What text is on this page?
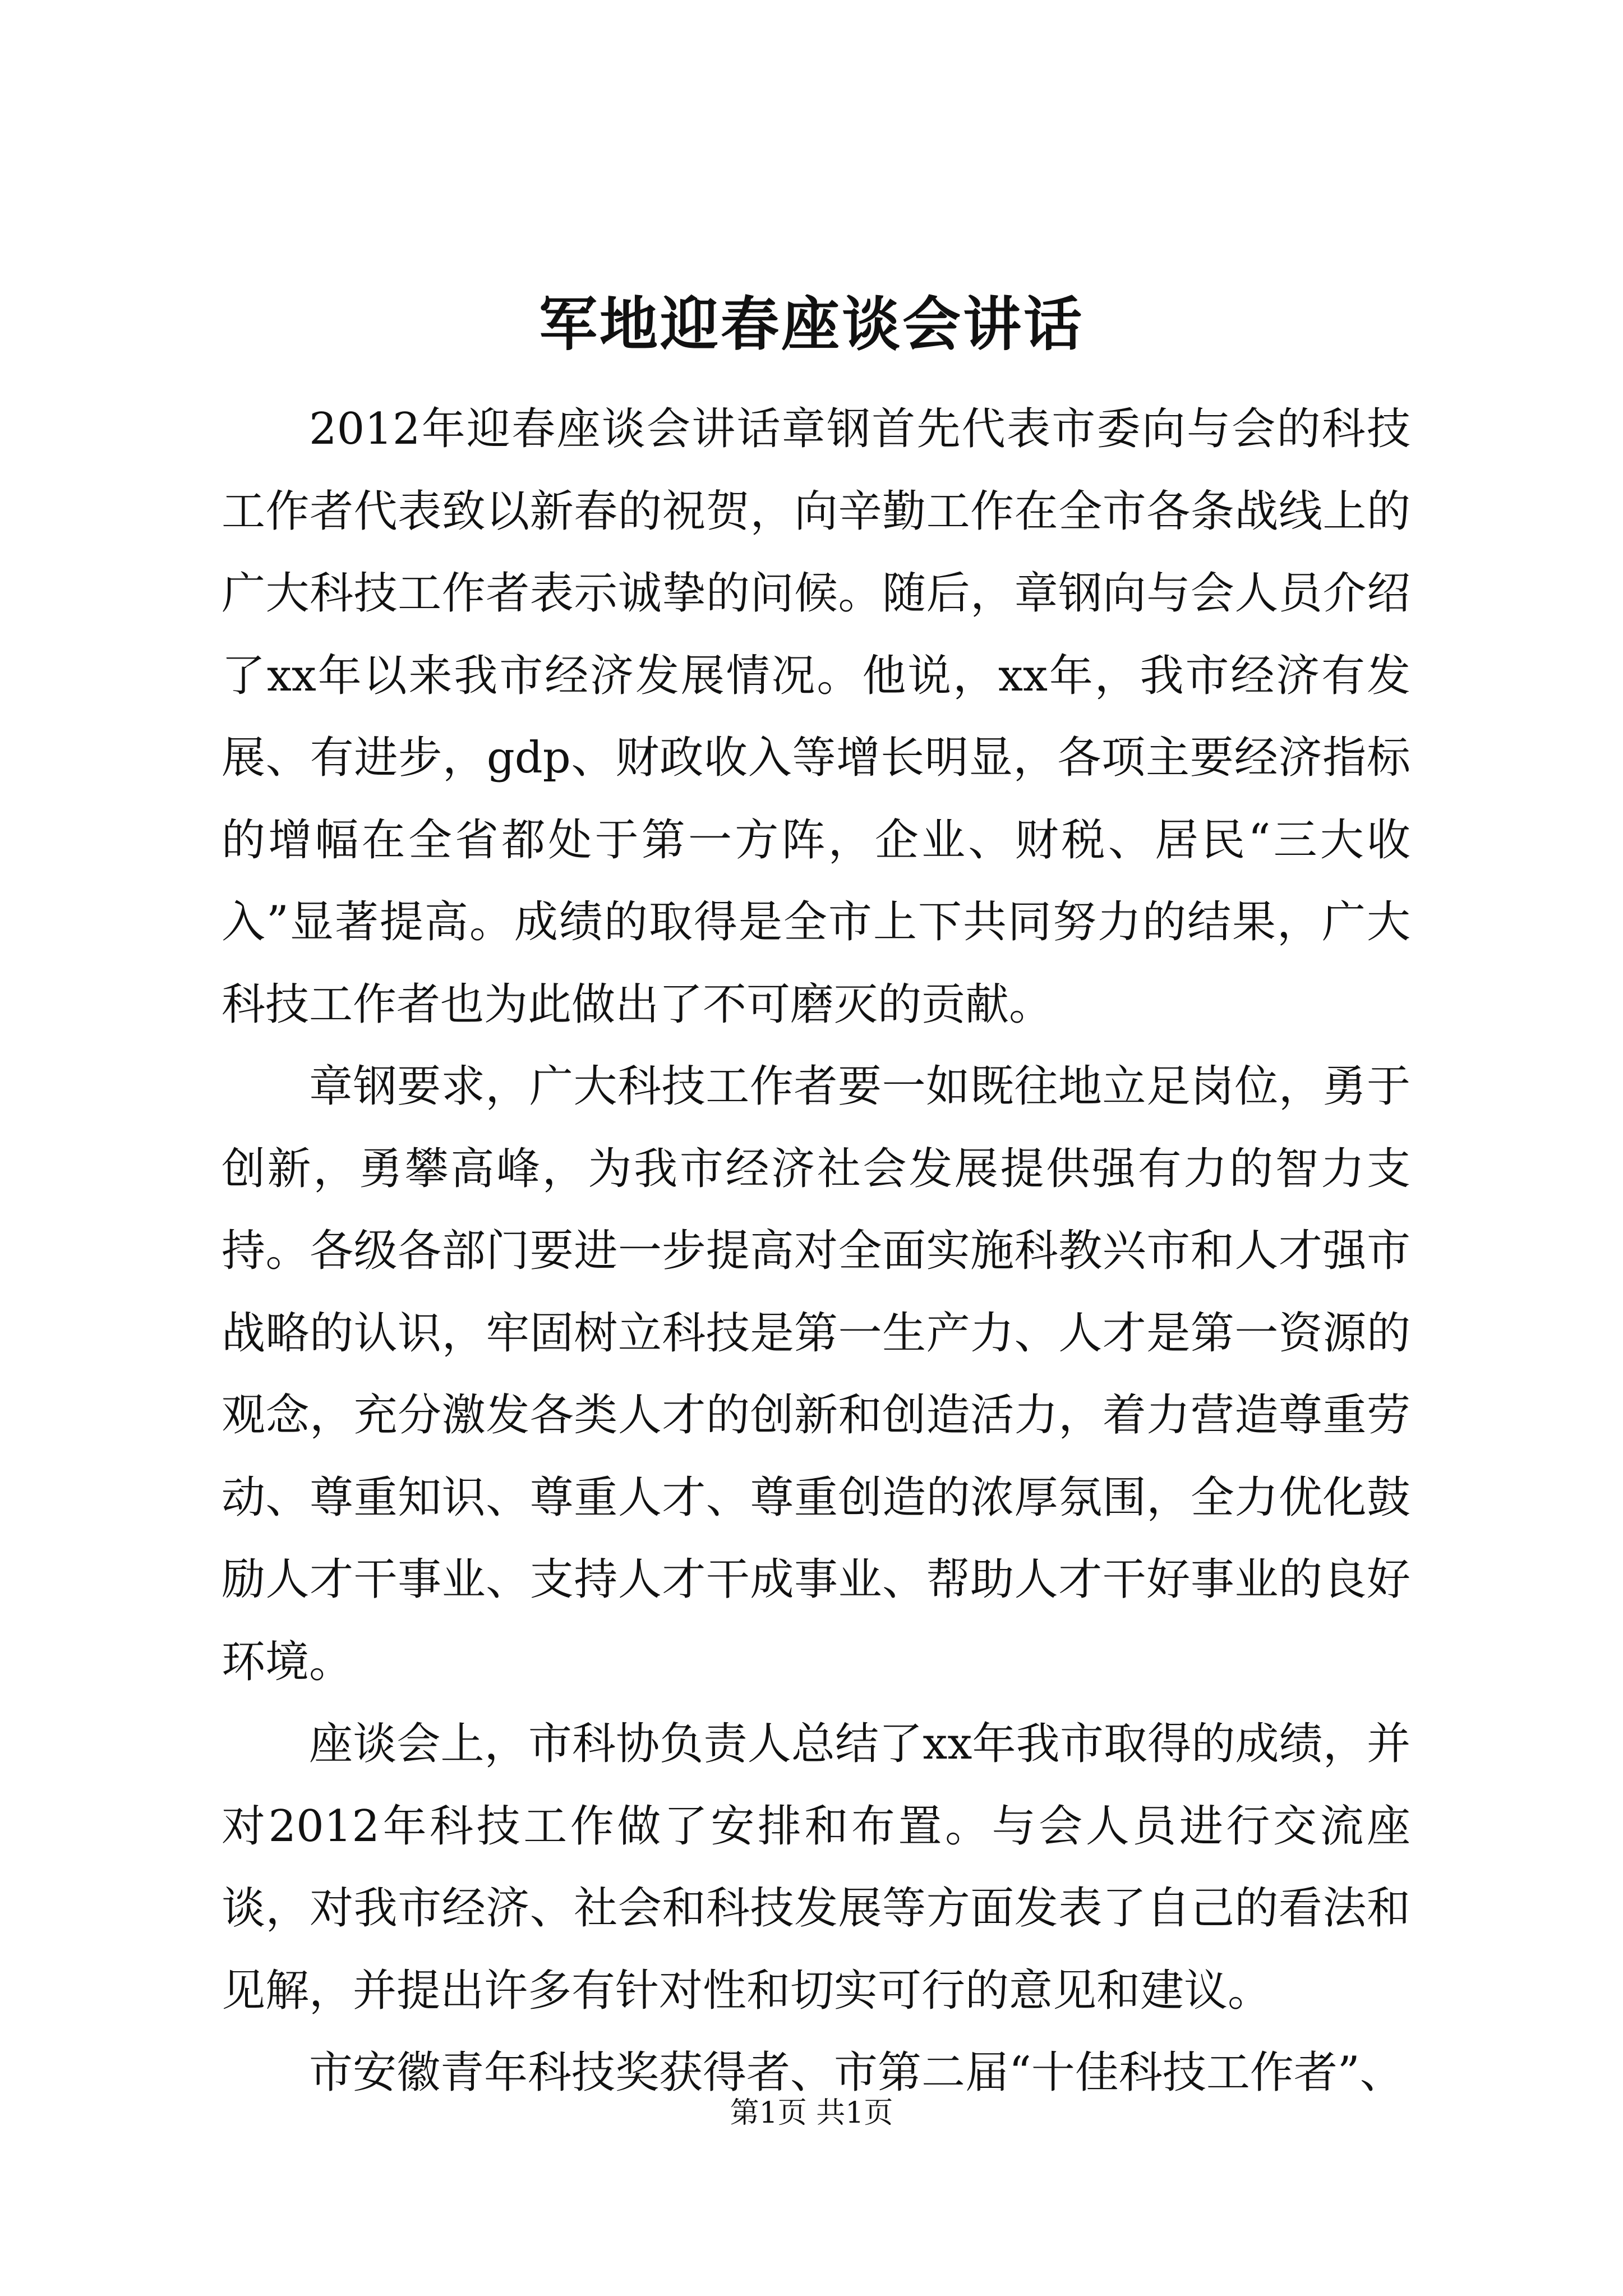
军地迎春座谈会讲话

2012年迎春座谈会讲话章钢首先代表市委向与会的科技工作者代表致以新春的祝贺，向辛勤工作在全市各条战线上的广大科技工作者表示诚挚的问候。随后，章钢向与会人员介绍了xx年以来我市经济发展情况。他说，xx年，我市经济有发展、有进步，gdp、财政收入等增长明显，各项主要经济指标的增幅在全省都处于第一方阵，企业、财税、居民“三大收入”显著提高。成绩的取得是全市上下共同努力的结果，广大科技工作者也为此做出了不可磨灭的贡献。

章钢要求，广大科技工作者要一如既往地立足岗位，勇于创新，勇攀高峰，为我市经济社会发展提供强有力的智力支持。各级各部门要进一步提高对全面实施科教兴市和人才强市战略的认识，牢固树立科技是第一生产力、人才是第一资源的观念，充分激发各类人才的创新和创造活力，着力营造尊重劳动、尊重知识、尊重人才、尊重创造的浓厚氛围，全力优化鼓励人才干事业、支持人才干成事业、帮助人才干好事业的良好环境。

座谈会上，市科协负责人总结了xx年我市取得的成绩，并对2012年科技工作做了安排和布置。与会人员进行交流座谈，对我市经济、社会和科技发展等方面发表了自己的看法和见解，并提出许多有针对性和切实可行的意见和建议。

市安徽青年科技奖获得者、市第二届“十佳科技工作者”、

第1页 共1页
